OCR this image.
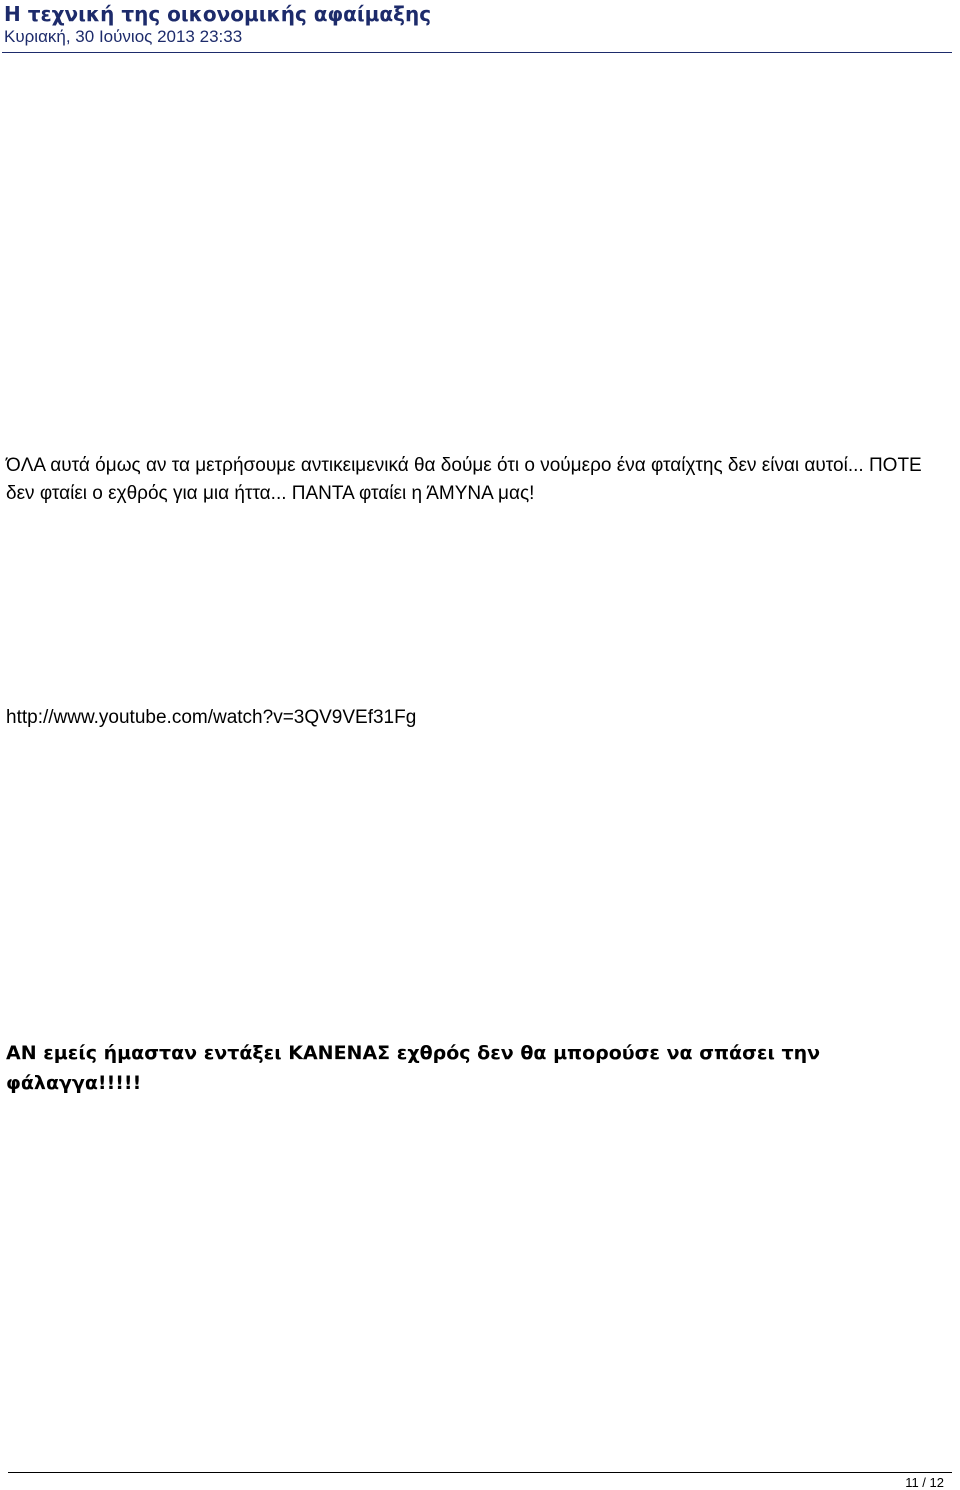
Η τεχνική της οικονομικής αφαίμαξης
Κυριακή, 30 Ιούνιος 2013 23:33

ΌΛΑ αυτά όμως αν τα μετρήσουμε αντικειμενικά θα δούμε ότι ο νούμερο ένα φταίχτης δεν είναι αυτοί... ΠΟΤΕ δεν φταίει ο εχθρός για μια ήττα... ΠΑΝΤΑ φταίει η ΆΜΥΝΑ μας!

http://www.youtube.com/watch?v=3QV9VEf31Fg

ΑΝ εμείς ήμασταν εντάξει ΚΑΝΕΝΑΣ εχθρός δεν θα μπορούσε να σπάσει την φάλαγγα!!!!!

11 / 12
